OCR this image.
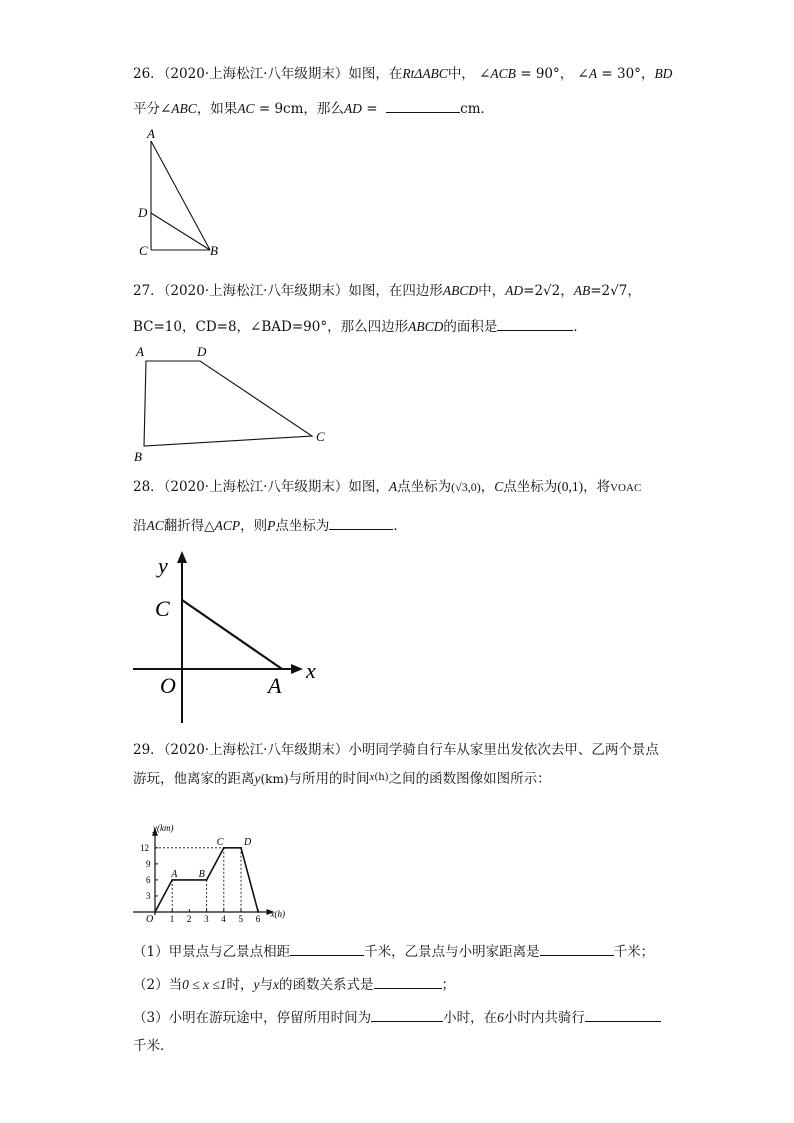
26．（2020·上海松江·八年级期末）如图，在RtΔABC中， ∠ACB = 90°， ∠A = 30°，BD
平分∠ABC，如果AC = 9cm，那么AD =	cm．
A
D
C	B
27．（2020·上海松江·八年级期末）如图，在四边形ABCD中，AD=2√2，AB=2√7，
BC=10，CD=8，∠BAD=90°，那么四边形ABCD的面积是	．
A	D
C
B
28．（2020·上海松江·八年级期末）如图，A点坐标为(√3,0)，C点坐标为(0,1)，将VOAC
沿AC翻折得△ACP，则P点坐标为	．
y
x
C
O	A
29．（2020·上海松江·八年级期末）小明同学骑自行车从家里出发依次去甲、乙两个景点
游玩，他离家的距离y(km)与所用的时间$^{x(h)}$之间的函数图像如图所示：
y(km)
x(h)
O 1 2 3 4 5 6
3
6
9
12
A B
C D
（1）甲景点与乙景点相距	千米，乙景点与小明家距离是	千米；
（2）当0 ≤ x ≤1时，y与x的函数关系式是	；
（3）小明在游玩途中，停留所用时间为	小时，在6小时内共骑行
千米．
